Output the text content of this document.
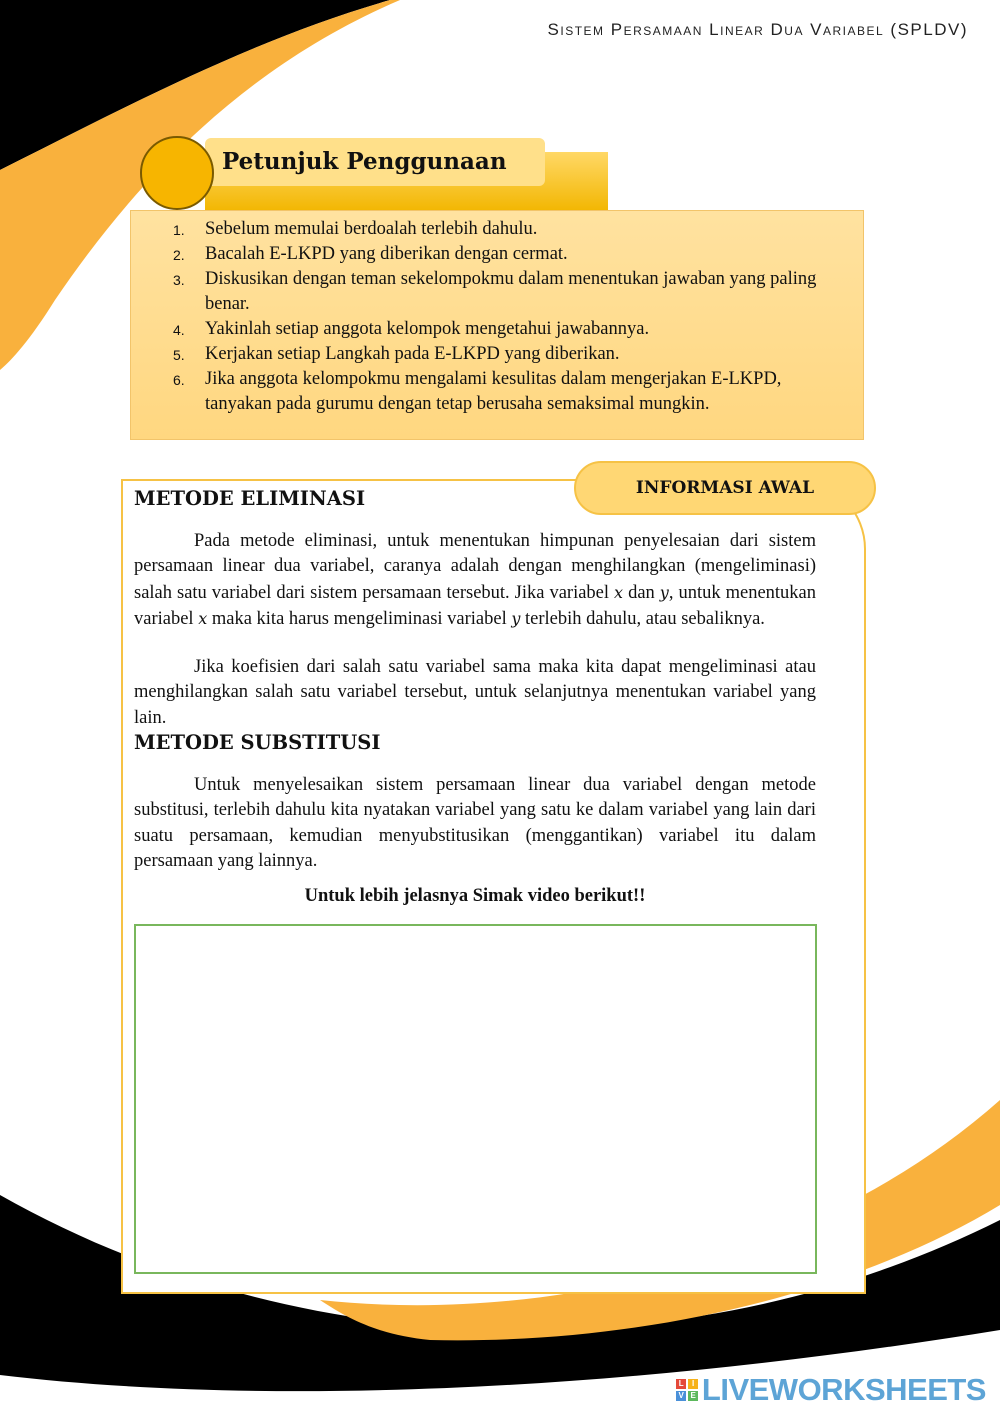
Sistem Persamaan Linear Dua Variabel (SPLDV)
Petunjuk Penggunaan
Sebelum memulai berdoalah terlebih dahulu.
Bacalah E-LKPD yang diberikan dengan cermat.
Diskusikan dengan teman sekelompokmu dalam menentukan jawaban yang paling benar.
Yakinlah setiap anggota kelompok mengetahui jawabannya.
Kerjakan setiap Langkah pada E-LKPD yang diberikan.
Jika anggota kelompokmu mengalami kesulitas dalam mengerjakan E-LKPD, tanyakan pada gurumu dengan tetap berusaha semaksimal mungkin.
INFORMASI AWAL
METODE ELIMINASI

Pada metode eliminasi, untuk menentukan himpunan penyelesaian dari sistem persamaan linear dua variabel, caranya adalah dengan menghilangkan (mengeliminasi) salah satu variabel dari sistem persamaan tersebut. Jika variabel x dan y, untuk menentukan variabel x maka kita harus mengeliminasi variabel y terlebih dahulu, atau sebaliknya.

Jika koefisien dari salah satu variabel sama maka kita dapat mengeliminasi atau menghilangkan salah satu variabel tersebut, untuk selanjutnya menentukan variabel yang lain.

METODE SUBSTITUSI

Untuk menyelesaikan sistem persamaan linear dua variabel dengan metode substitusi, terlebih dahulu kita nyatakan variabel yang satu ke dalam variabel yang lain dari suatu persamaan, kemudian menyubstitusikan (menggantikan) variabel itu dalam persamaan yang lainnya.

Untuk lebih jelasnya Simak video berikut!!
L	I
V E LIVEWORKSHEETS
